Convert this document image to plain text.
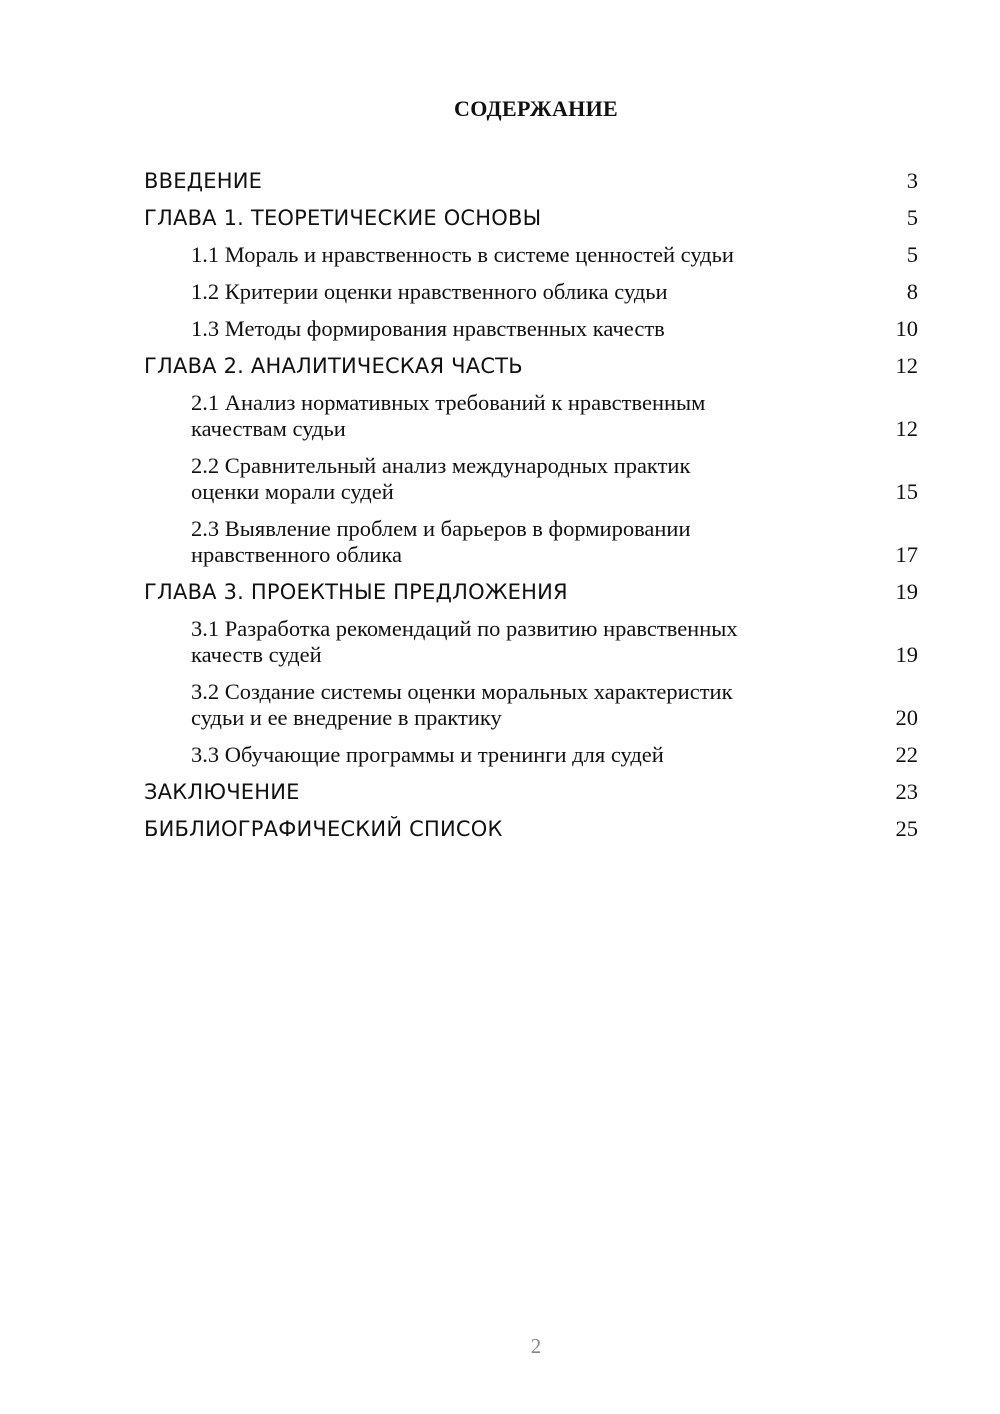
СОДЕРЖАНИЕ
ВВЕДЕНИЕ	3
ГЛАВА 1. ТЕОРЕТИЧЕСКИЕ ОСНОВЫ	5
1.1 Мораль и нравственность в системе ценностей судьи	5
1.2 Критерии оценки нравственного облика судьи	8
1.3 Методы формирования нравственных качеств	10
ГЛАВА 2. АНАЛИТИЧЕСКАЯ ЧАСТЬ	12
2.1 Анализ нормативных требований к нравственным
качествам судьи	12
2.2 Сравнительный анализ международных практик
оценки морали судей	15
2.3 Выявление проблем и барьеров в формировании
нравственного облика	17
ГЛАВА 3. ПРОЕКТНЫЕ ПРЕДЛОЖЕНИЯ	19
3.1 Разработка рекомендаций по развитию нравственных
качеств судей	19
3.2 Создание системы оценки моральных характеристик
судьи и ее внедрение в практику	20
3.3 Обучающие программы и тренинги для судей	22
ЗАКЛЮЧЕНИЕ	23
БИБЛИОГРАФИЧЕСКИЙ СПИСОК	25
2
